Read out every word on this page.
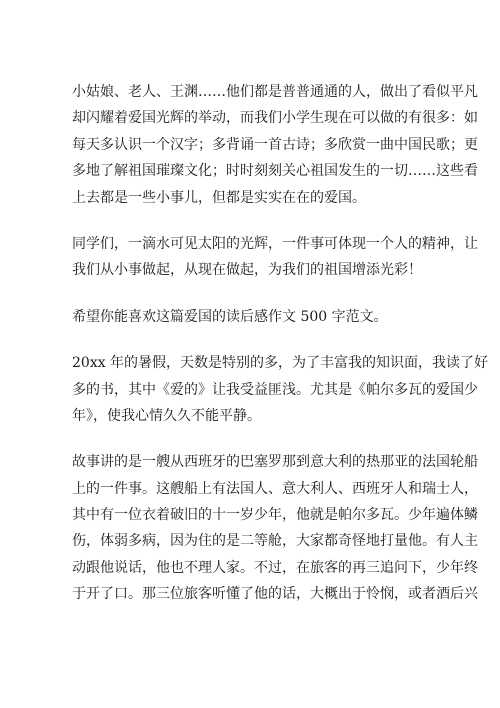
小姑娘、老人、王渊……他们都是普普通通的人，做出了看似平凡
却闪耀着爱国光辉的举动，而我们小学生现在可以做的有很多：如
每天多认识一个汉字；多背诵一首古诗；多欣赏一曲中国民歌；更
多地了解祖国璀璨文化；时时刻刻关心祖国发生的一切……这些看
上去都是一些小事儿，但都是实实在在的爱国。
同学们，一滴水可见太阳的光辉，一件事可体现一个人的精神，让
我们从小事做起，从现在做起，为我们的祖国增添光彩！
希望你能喜欢这篇爱国的读后感作文 500 字范文。
20xx 年的暑假，天数是特别的多，为了丰富我的知识面，我读了好
多的书，其中《爱的》让我受益匪浅。尤其是《帕尔多瓦的爱国少
年》，使我心情久久不能平静。
故事讲的是一艘从西班牙的巴塞罗那到意大利的热那亚的法国轮船
上的一件事。这艘船上有法国人、意大利人、西班牙人和瑞士人，
其中有一位衣着破旧的十一岁少年，他就是帕尔多瓦。少年遍体鳞
伤，体弱多病，因为住的是二等舱，大家都奇怪地打量他。有人主
动跟他说话，他也不理人家。不过，在旅客的再三追问下，少年终
于开了口。那三位旅客听懂了他的话，大概出于怜悯，或者酒后兴
